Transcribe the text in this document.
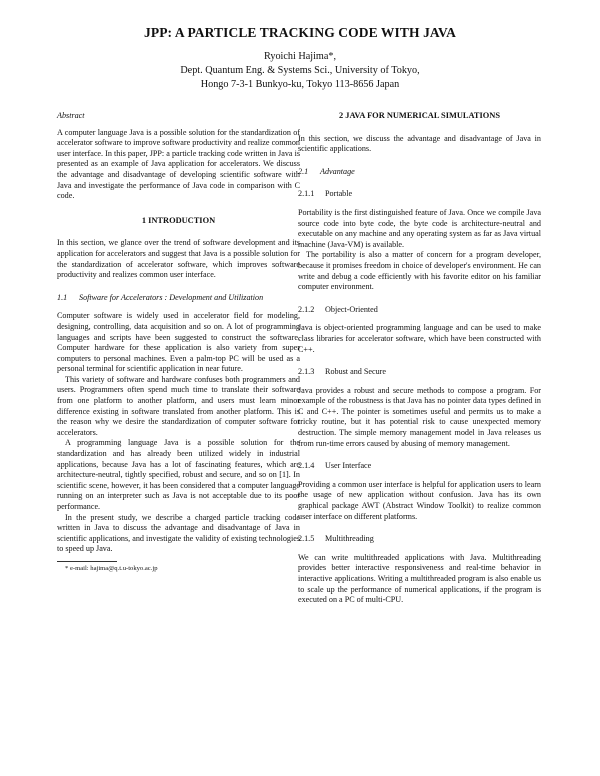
JPP: A PARTICLE TRACKING CODE WITH JAVA
Ryoichi Hajima*,
Dept. Quantum Eng. & Systems Sci., University of Tokyo,
Hongo 7-3-1 Bunkyo-ku, Tokyo 113-8656 Japan
Abstract

A computer language Java is a possible solution for the standardization of accelerator software to improve software productivity and realize common user interface. In this paper, JPP: a particle tracking code written in Java is presented as an example of Java application for accelerators. We discuss the advantage and disadvantage of developing scientific software with Java and investigate the performance of Java code in comparison with C code.

1 INTRODUCTION

In this section, we glance over the trend of software development and its application for accelerators and suggest that Java is a possible solution for the standardization of accelerator software, which improves software productivity and realizes common user interface.

1.1	Software for Accelerators : Development and Utilization

Computer software is widely used in accelerator field for modeling, designing, controlling, data acquisition and so on. A lot of programming languages and scripts have been suggested to construct the software. Computer hardware for these application is also variety from super computers to personal machines. Even a palm-top PC will be used as a personal terminal for scientific application in near future.

This variety of software and hardware confuses both programmers and users. Programmers often spend much time to translate their software from one platform to another platform, and users must learn minor difference existing in software translated from another platform. This is the reason why we desire the standardization of computer software for accelerators.

A programming language Java is a possible solution for the standardization and has already been utilized widely in industrial applications, because Java has a lot of fascinating features, which are architecture-neutral, tightly specified, robust and secure, and so on [1]. In scientific scene, however, it has been considered that a computer language running on an interpreter such as Java is not acceptable due to its poor performance.

In the present study, we describe a charged particle tracking code written in Java to discuss the advantage and disadvantage of Java in scientific applications, and investigate the validity of existing technologies to speed up Java.

* e-mail: hajima@q.t.u-tokyo.ac.jp
2 JAVA FOR NUMERICAL SIMULATIONS

In this section, we discuss the advantage and disadvantage of Java in scientific applications.

2.1	Advantage
2.1.1 Portable

Portability is the first distinguished feature of Java. Once we compile Java source code into byte code, the byte code is architecture-neutral and executable on any machine and any operating system as far as Java virtual machine (Java-VM) is available.

The portability is also a matter of concern for a program developer, because it promises freedom in choice of developer's environment. He can write and debug a code efficiently with his favorite editor on his familiar computer environment.

2.1.2 Object-Oriented

Java is object-oriented programming language and can be used to make class libraries for accelerator software, which have been constructed with C++.

2.1.3 Robust and Secure

Java provides a robust and secure methods to compose a program. For example of the robustness is that Java has no pointer data types defined in C and C++. The pointer is sometimes useful and permits us to make a tricky routine, but it has potential risk to cause unexpected memory destruction. The simple memory management model in Java releases us from run-time errors caused by abusing of memory management.

2.1.4 User Interface

Providing a common user interface is helpful for application users to learn the usage of new application without confusion. Java has its own graphical package AWT (Abstract Window Toolkit) to realize common user interface on different platforms.

2.1.5 Multithreading

We can write multithreaded applications with Java. Multithreading provides better interactive responsiveness and real-time behavior in interactive applications. Writing a multithreaded program is also enable us to scale up the performance of numerical applications, if the program is executed on a PC of multi-CPU.
